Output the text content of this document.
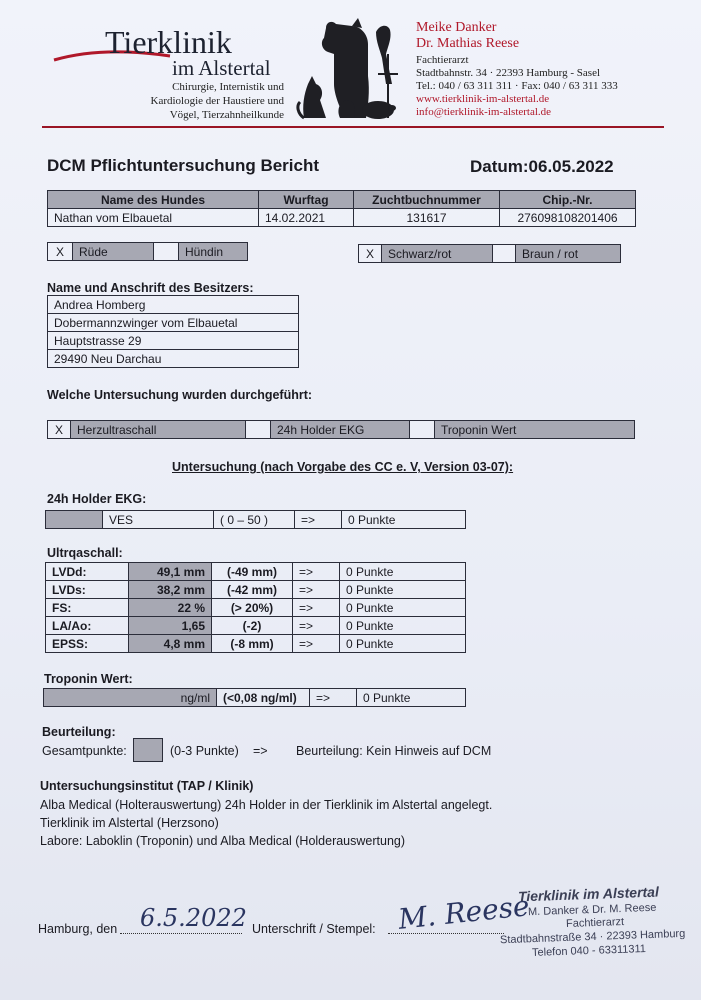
Tierklinik
im Alstertal
Chirurgie, Internistik und
Kardiologie der Haustiere und
Vögel, Tierzahnheilkunde
Meike Danker
Dr. Mathias Reese
Fachtierarzt
Stadtbahnstr. 34 · 22393 Hamburg - Sasel
Tel.: 040 / 63 311 311 · Fax: 040 / 63 311 333
www.tierklinik-im-alstertal.de
info@tierklinik-im-alstertal.de
DCM Pflichtuntersuchung Bericht	Datum:06.05.2022
Name des Hundes	Wurftag	Zuchtbuchnummer	Chip.-Nr.
Nathan vom Elbauetal	14.02.2021	131617	276098108201406
X	Rüde		Hündin	X	Schwarz/rot		Braun / rot
Name und Anschrift des Besitzers:
Andrea Homberg
Dobermannzwinger vom Elbauetal
Hauptstrasse 29
29490 Neu Darchau
Welche Untersuchung wurden durchgeführt:
X	Herzultraschall		24h Holder EKG		Troponin Wert
Untersuchung (nach Vorgabe des CC e. V, Version 03-07):
24h Holder EKG:
	VES	( 0 – 50 )	=>	0 Punkte
Ultrqaschall:
LVDd:	49,1 mm	(-49 mm)	=>	0 Punkte
LVDs:	38,2 mm	(-42 mm)	=>	0 Punkte
FS:	22 %	(> 20%)	=>	0 Punkte
LA/Ao:	1,65	(-2)	=>	0 Punkte
EPSS:	4,8 mm	(-8 mm)	=>	0 Punkte
Troponin Wert:
ng/ml	(<0,08 ng/ml)	=>	0 Punkte
Beurteilung:
Gesamtpunkte:	(0-3 Punkte) => Beurteilung: Kein Hinweis auf DCM
Untersuchungsinstitut (TAP / Klinik)
Alba Medical (Holterauswertung) 24h Holder in der Tierklinik im Alstertal angelegt.
Tierklinik im Alstertal (Herzsono)
Labore: Laboklin (Troponin) und Alba Medical (Holderauswertung)
Hamburg, den 6.5.2022 Unterschrift / Stempel: M. Reese
Tierklinik im Alstertal
M. Danker & Dr. M. Reese
Fachtierarzt
Stadtbahnstraße 34 · 22393 Hamburg
Telefon 040 - 63311311
